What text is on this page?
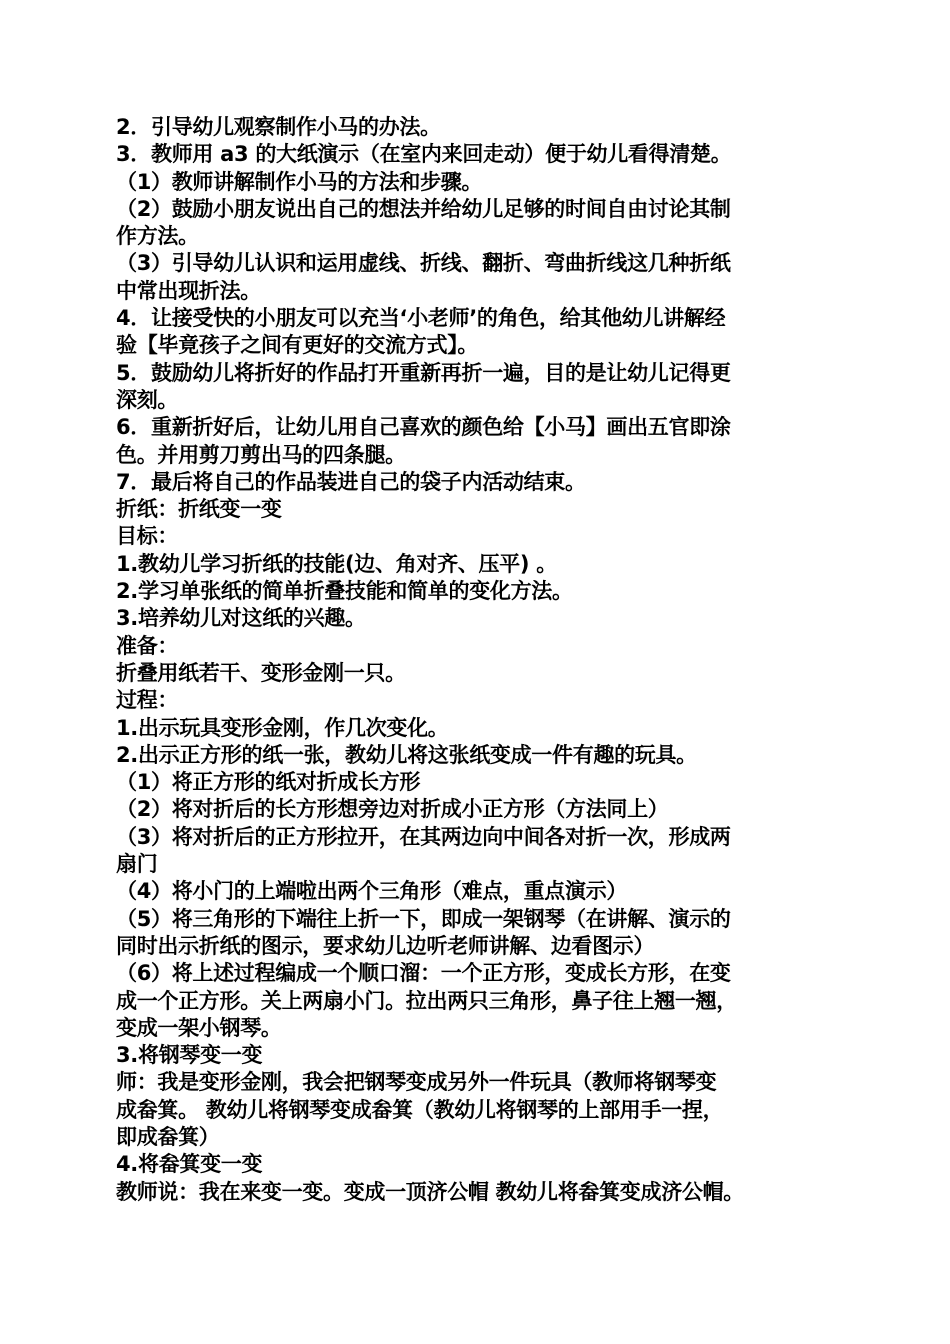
2．引导幼儿观察制作小马的办法。
3．教师用 a3 的大纸演示（在室内来回走动）便于幼儿看得清楚。
（1）教师讲解制作小马的方法和步骤。
（2）鼓励小朋友说出自己的想法并给幼儿足够的时间自由讨论其制
作方法。
（3）引导幼儿认识和运用虚线、折线、翻折、弯曲折线这几种折纸
中常出现折法。
4．让接受快的小朋友可以充当‘小老师’的角色，给其他幼儿讲解经
验【毕竟孩子之间有更好的交流方式】。
5．鼓励幼儿将折好的作品打开重新再折一遍，目的是让幼儿记得更
深刻。
6．重新折好后，让幼儿用自己喜欢的颜色给【小马】画出五官即涂
色。并用剪刀剪出马的四条腿。
7．最后将自己的作品装进自己的袋子内活动结束。
折纸：折纸变一变
目标：
1.教幼儿学习折纸的技能(边、角对齐、压平) 。
2.学习单张纸的简单折叠技能和简单的变化方法。
3.培养幼儿对这纸的兴趣。
准备：
折叠用纸若干、变形金刚一只。
过程：
1.出示玩具变形金刚，作几次变化。
2.出示正方形的纸一张，教幼儿将这张纸变成一件有趣的玩具。
（1）将正方形的纸对折成长方形
（2）将对折后的长方形想旁边对折成小正方形（方法同上）
（3）将对折后的正方形拉开，在其两边向中间各对折一次，形成两
扇门
（4）将小门的上端啦出两个三角形（难点，重点演示）
（5）将三角形的下端往上折一下，即成一架钢琴（在讲解、演示的
同时出示折纸的图示，要求幼儿边听老师讲解、边看图示）
（6）将上述过程编成一个顺口溜：一个正方形，变成长方形，在变
成一个正方形。关上两扇小门。拉出两只三角形，鼻子往上翘一翘，
变成一架小钢琴。
3.将钢琴变一变
师：我是变形金刚，我会把钢琴变成另外一件玩具（教师将钢琴变
成畚箕。 教幼儿将钢琴变成畚箕（教幼儿将钢琴的上部用手一捏，
即成畚箕）
4.将畚箕变一变
教师说：我在来变一变。变成一顶济公帽 教幼儿将畚箕变成济公帽。
